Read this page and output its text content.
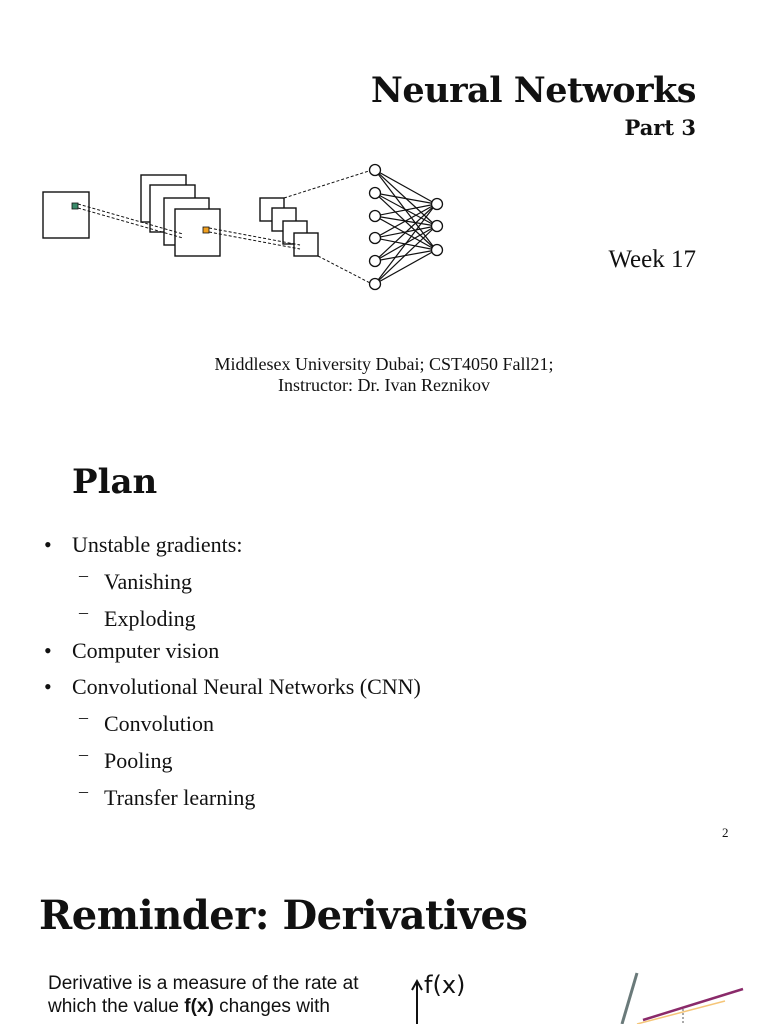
Neural Networks
Part 3
Week 17
Middlesex University Dubai; CST4050 Fall21;
Instructor: Dr. Ivan Reznikov
Plan
• Unstable gradients:
– Vanishing
– Exploding
• Computer vision
• Convolutional Neural Networks (CNN)
– Convolution
– Pooling
– Transfer learning
2
Reminder: Derivatives
Derivative is a measure of the rate at which the value f(x) changes with
f(x)
